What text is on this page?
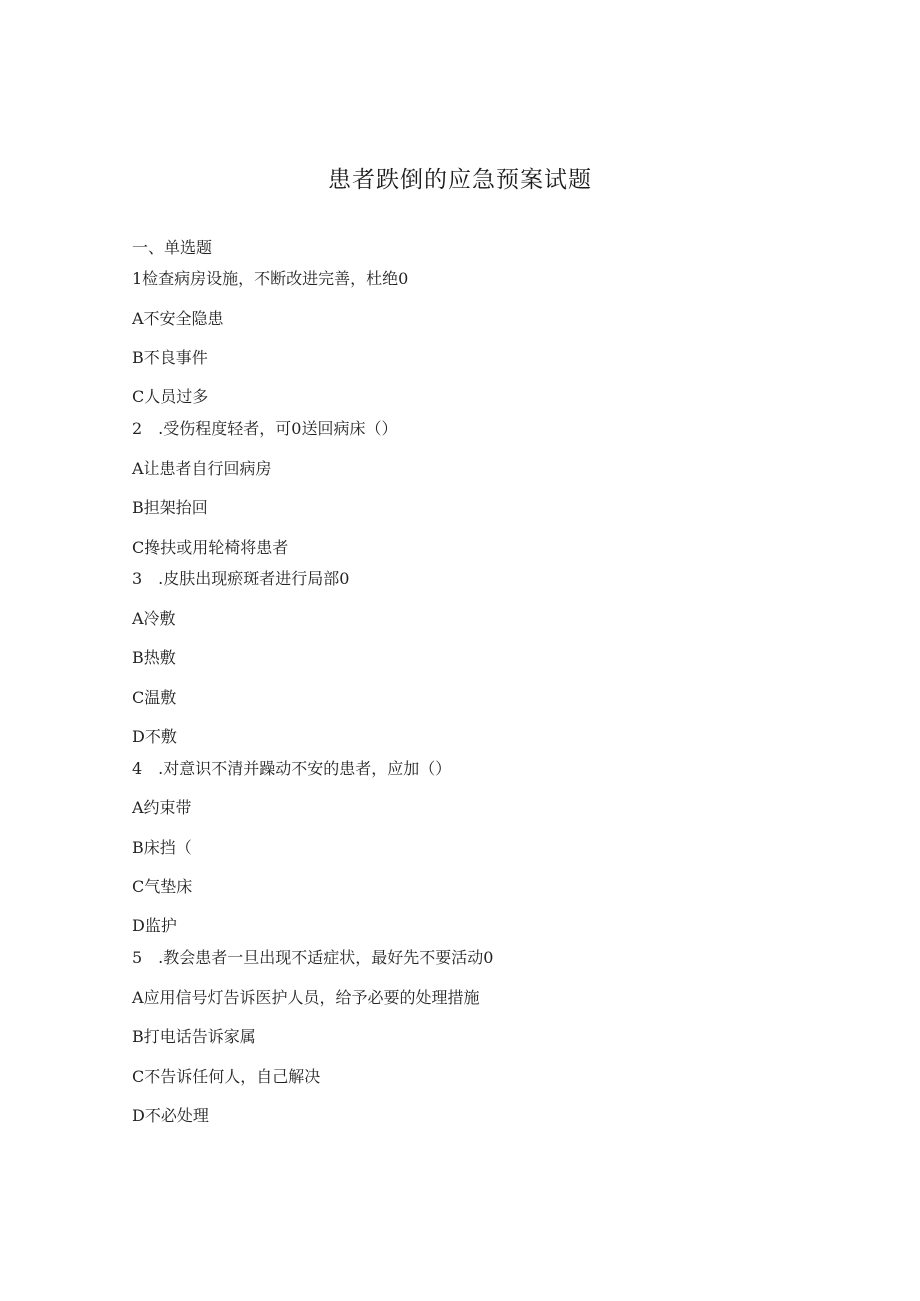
患者跌倒的应急预案试题
一、单选题
1检查病房设施，不断改进完善，杜绝0
A不安全隐患
B不良事件
C人员过多
2　.受伤程度轻者，可0送回病床（）
A让患者自行回病房
B担架抬回
C搀扶或用轮椅将患者
3　.皮肤出现瘀斑者进行局部0
A冷敷
B热敷
C温敷
D不敷
4　.对意识不清并躁动不安的患者，应加（）
A约束带
B床挡（
C气垫床
D监护
5　.教会患者一旦出现不适症状，最好先不要活动0
A应用信号灯告诉医护人员，给予必要的处理措施
B打电话告诉家属
C不告诉任何人，自己解决
D不必处理
